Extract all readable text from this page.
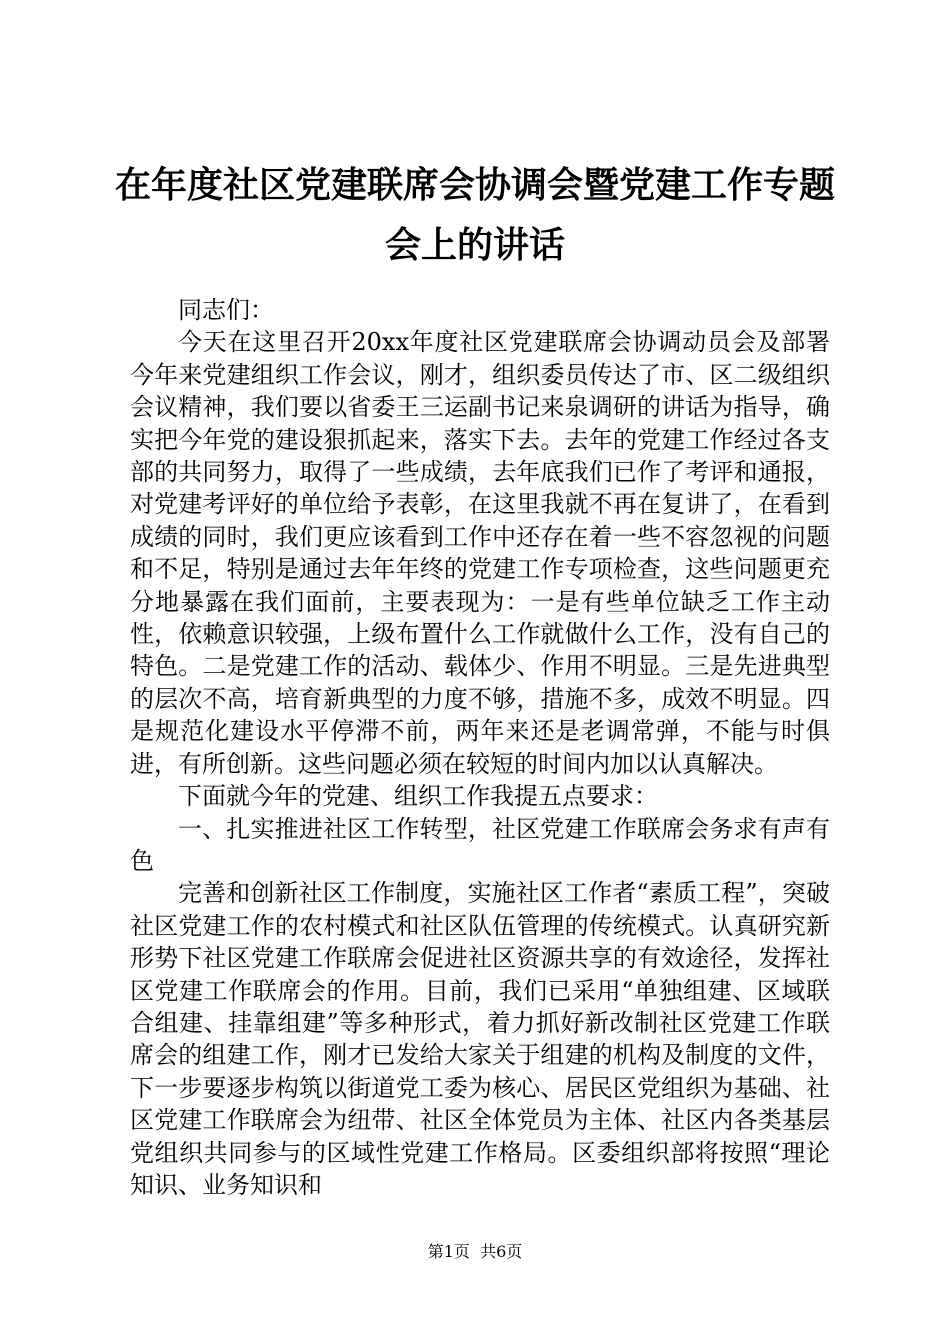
在年度社区党建联席会协调会暨党建工作专题
会上的讲话

同志们：

今天在这里召开20xx年度社区党建联席会协调动员会及部署今年来党建组织工作会议，刚才，组织委员传达了市、区二级组织会议精神，我们要以省委王三运副书记来泉调研的讲话为指导，确实把今年党的建设狠抓起来，落实下去。去年的党建工作经过各支部的共同努力，取得了一些成绩，去年底我们已作了考评和通报，对党建考评好的单位给予表彰，在这里我就不再在复讲了，在看到成绩的同时，我们更应该看到工作中还存在着一些不容忽视的问题和不足，特别是通过去年年终的党建工作专项检查，这些问题更充分地暴露在我们面前，主要表现为：一是有些单位缺乏工作主动性，依赖意识较强，上级布置什么工作就做什么工作，没有自己的特色。二是党建工作的活动、载体少、作用不明显。三是先进典型的层次不高，培育新典型的力度不够，措施不多，成效不明显。四是规范化建设水平停滞不前，两年来还是老调常弹，不能与时俱进，有所创新。这些问题必须在较短的时间内加以认真解决。

下面就今年的党建、组织工作我提五点要求：

一、扎实推进社区工作转型，社区党建工作联席会务求有声有色

完善和创新社区工作制度，实施社区工作者“素质工程”，突破社区党建工作的农村模式和社区队伍管理的传统模式。认真研究新形势下社区党建工作联席会促进社区资源共享的有效途径，发挥社区党建工作联席会的作用。目前，我们已采用“单独组建、区域联合组建、挂靠组建”等多种形式，着力抓好新改制社区党建工作联席会的组建工作，刚才已发给大家关于组建的机构及制度的文件，下一步要逐步构筑以街道党工委为核心、居民区党组织为基础、社区党建工作联席会为纽带、社区全体党员为主体、社区内各类基层党组织共同参与的区域性党建工作格局。区委组织部将按照“理论知识、业务知识和

第1页 共6页
